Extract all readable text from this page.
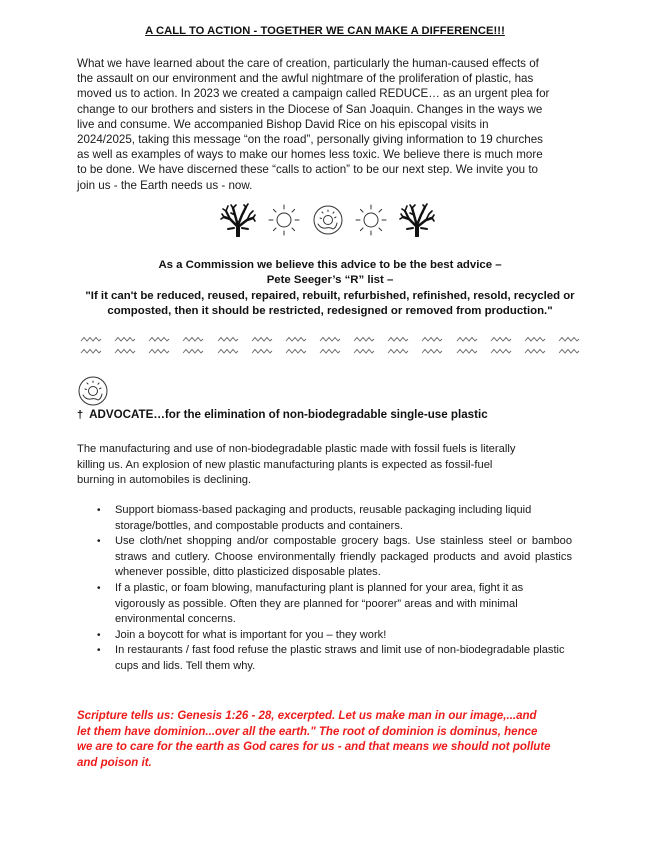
A CALL TO ACTION - TOGETHER WE CAN MAKE A DIFFERENCE!!!
What we have learned about the care of creation, particularly the human-caused effects of
the assault on our environment and the awful nightmare of the proliferation of plastic, has
moved us to action. In 2023 we created a campaign called REDUCE… as an urgent plea for
change to our brothers and sisters in the Diocese of San Joaquin. Changes in the ways we
live and consume. We accompanied Bishop David Rice on his episcopal visits in
2024/2025, taking this message “on the road”, personally giving information to 19 churches
as well as examples of ways to make our homes less toxic. We believe there is much more
to be done. We have discerned these “calls to action” to be our next step. We invite you to
join us - the Earth needs us - now.
As a Commission we believe this advice to be the best advice –
Pete Seeger’s “R” list –
"If it can't be reduced, reused, repaired, rebuilt, refurbished, refinished, resold, recycled or
composted, then it should be restricted, redesigned or removed from production."
† ADVOCATE…for the elimination of non-biodegradable single-use plastic
The manufacturing and use of non-biodegradable plastic made with fossil fuels is literally
killing us. An explosion of new plastic manufacturing plants is expected as fossil-fuel
burning in automobiles is declining.
• Support biomass-based packaging and products, reusable packaging including liquid storage/bottles, and compostable products and containers.
• Use cloth/net shopping and/or compostable grocery bags. Use stainless steel or bamboo straws and cutlery. Choose environmentally friendly packaged products and avoid plastics whenever possible, ditto plasticized disposable plates.
• If a plastic, or foam blowing, manufacturing plant is planned for your area, fight it as vigorously as possible. Often they are planned for “poorer” areas and with minimal environmental concerns.
• Join a boycott for what is important for you – they work!
• In restaurants / fast food refuse the plastic straws and limit use of non-biodegradable plastic cups and lids. Tell them why.
Scripture tells us: Genesis 1:26 - 28, excerpted. Let us make man in our image,...and
let them have dominion...over all the earth." The root of dominion is dominus, hence
we are to care for the earth as God cares for us - and that means we should not pollute
and poison it.
